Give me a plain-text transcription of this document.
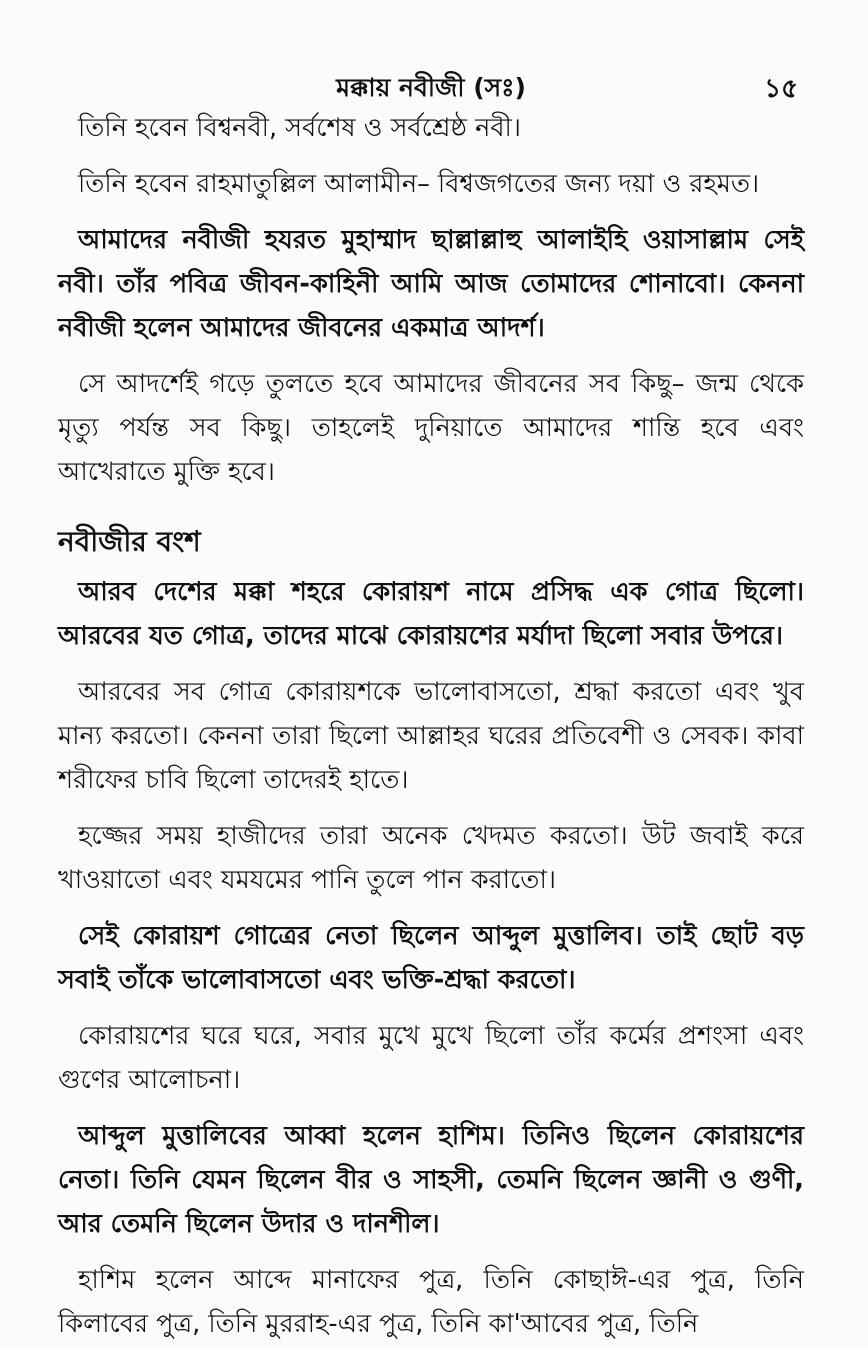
মক্কায় নবীজী (সঃ)	১৫

তিনি হবেন বিশ্বনবী, সর্বশেষ ও সর্বশ্রেষ্ঠ নবী।

তিনি হবেন রাহমাতুল্লিল আলামীন– বিশ্বজগতের জন্য দয়া ও রহমত।

আমাদের নবীজী হযরত মুহাম্মাদ ছাল্লাল্লাহু আলাইহি ওয়াসাল্লাম সেই নবী। তাঁর পবিত্র জীবন-কাহিনী আমি আজ তোমাদের শোনাবো। কেননা নবীজী হলেন আমাদের জীবনের একমাত্র আদর্শ।

সে আদর্শেই গড়ে তুলতে হবে আমাদের জীবনের সব কিছু– জন্ম থেকে মৃত্যু পর্যন্ত সব কিছু। তাহলেই দুনিয়াতে আমাদের শান্তি হবে এবং আখেরাতে মুক্তি হবে।

নবীজীর বংশ

আরব দেশের মক্কা শহরে কোরায়শ নামে প্রসিদ্ধ এক গোত্র ছিলো। আরবের যত গোত্র, তাদের মাঝে কোরায়শের মর্যাদা ছিলো সবার উপরে।

আরবের সব গোত্র কোরায়শকে ভালোবাসতো, শ্রদ্ধা করতো এবং খুব মান্য করতো। কেননা তারা ছিলো আল্লাহর ঘরের প্রতিবেশী ও সেবক। কাবা শরীফের চাবি ছিলো তাদেরই হাতে।

হজ্জের সময় হাজীদের তারা অনেক খেদমত করতো। উট জবাই করে খাওয়াতো এবং যমযমের পানি তুলে পান করাতো।

সেই কোরায়শ গোত্রের নেতা ছিলেন আব্দুল মুত্তালিব। তাই ছোট বড় সবাই তাঁকে ভালোবাসতো এবং ভক্তি-শ্রদ্ধা করতো।

কোরায়শের ঘরে ঘরে, সবার মুখে মুখে ছিলো তাঁর কর্মের প্রশংসা এবং গুণের আলোচনা।

আব্দুল মুত্তালিবের আব্বা হলেন হাশিম। তিনিও ছিলেন কোরায়শের নেতা। তিনি যেমন ছিলেন বীর ও সাহসী, তেমনি ছিলেন জ্ঞানী ও গুণী, আর তেমনি ছিলেন উদার ও দানশীল।

হাশিম হলেন আব্দে মানাফের পুত্র, তিনি কোছাঈ-এর পুত্র, তিনি কিলাবের পুত্র, তিনি মুররাহ-এর পুত্র, তিনি কা'আবের পুত্র, তিনি
